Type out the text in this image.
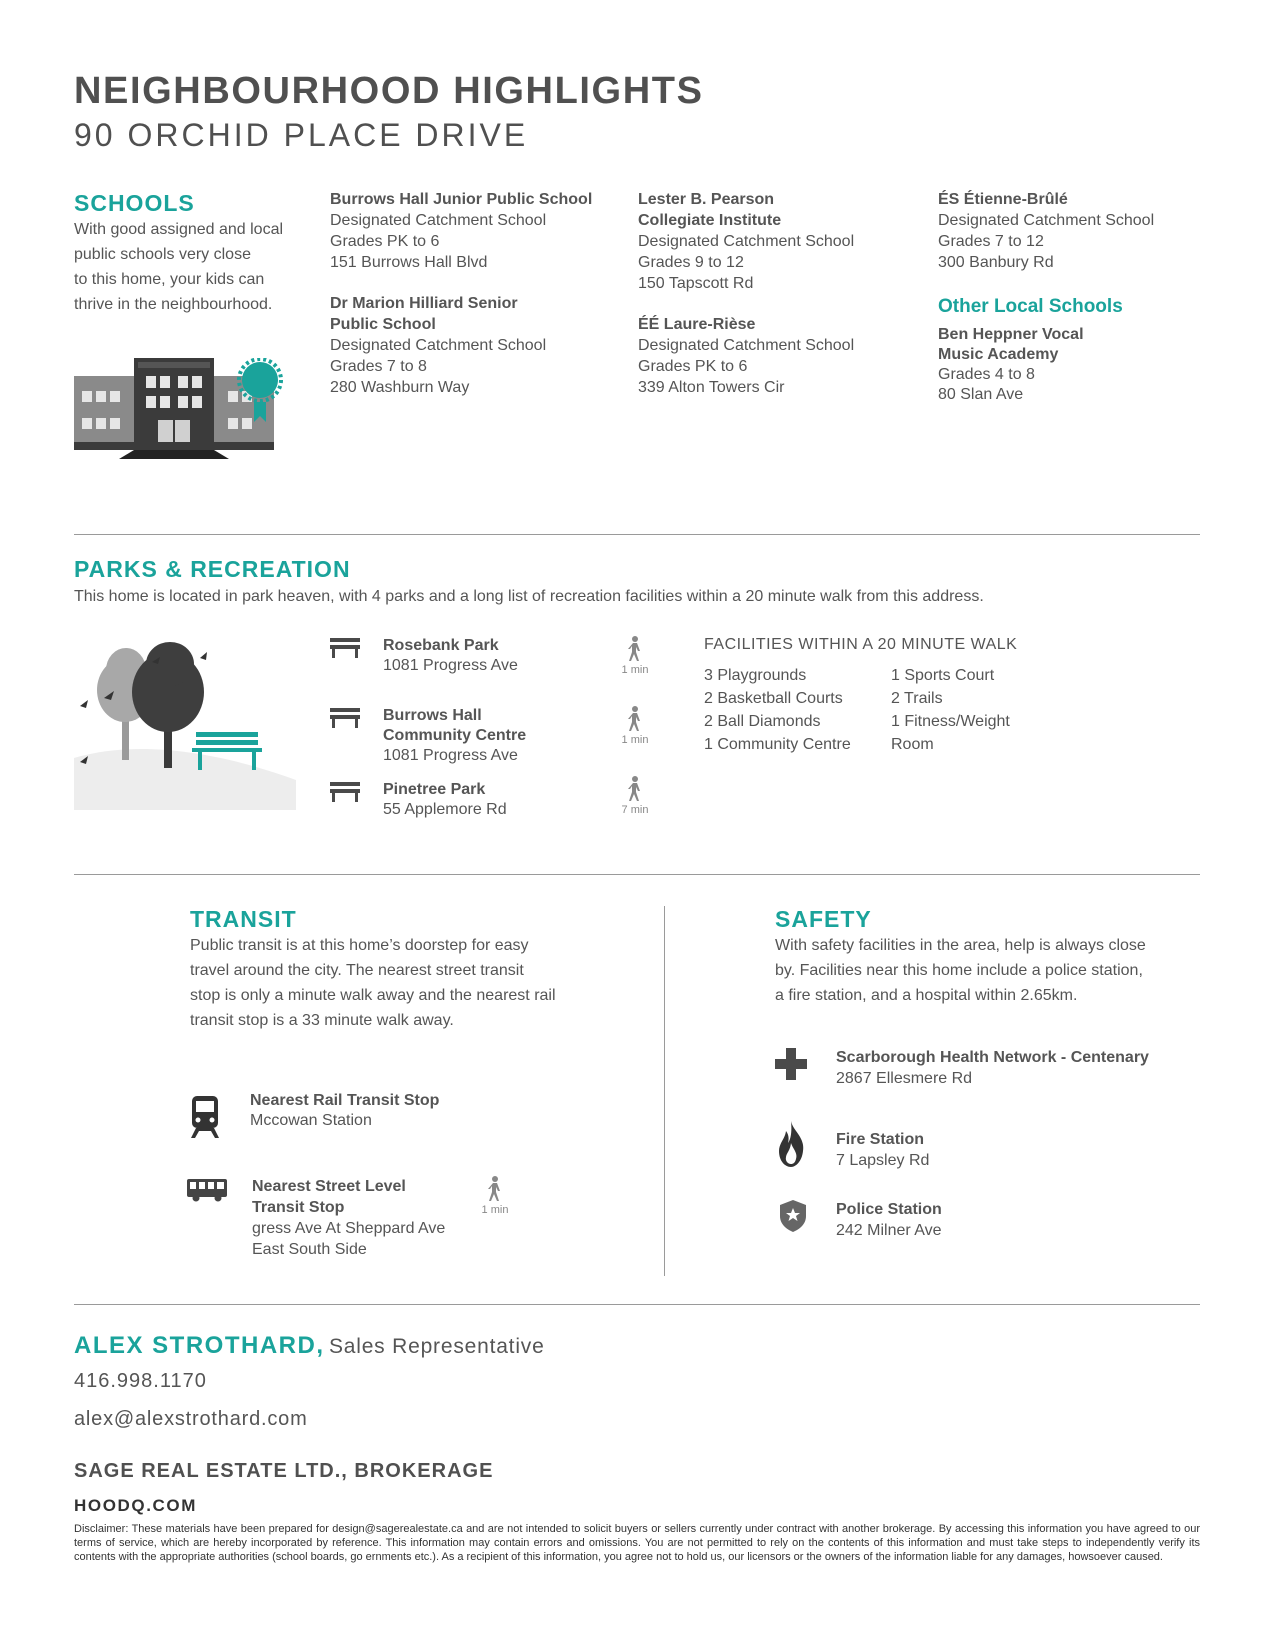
NEIGHBOURHOOD HIGHLIGHTS
90 ORCHID PLACE DRIVE
SCHOOLS
With good assigned and local
public schools very close
to this home, your kids can
thrive in the neighbourhood.
Burrows Hall Junior Public School
Designated Catchment School
Grades PK to 6
151 Burrows Hall Blvd
Dr Marion Hilliard Senior
Public School
Designated Catchment School
Grades 7 to 8
280 Washburn Way
Lester B. Pearson
Collegiate Institute
Designated Catchment School
Grades 9 to 12
150 Tapscott Rd
ÉÉ Laure-Rièse
Designated Catchment School
Grades PK to 6
339 Alton Towers Cir
ÉS Étienne-Brûlé
Designated Catchment School
Grades 7 to 12
300 Banbury Rd
Other Local Schools
Ben Heppner Vocal
Music Academy
Grades 4 to 8
80 Slan Ave
PARKS & RECREATION
This home is located in park heaven, with 4 parks and a long list of recreation facilities within a 20 minute walk from this address.
Rosebank Park
1081 Progress Ave
Burrows Hall
Community Centre
1081 Progress Ave
Pinetree Park
55 Applemore Rd
1 min
1 min
7 min
FACILITIES WITHIN A 20 MINUTE WALK
3 Playgrounds
2 Basketball Courts
2 Ball Diamonds
1 Community Centre
1 Sports Court
2 Trails
1 Fitness/Weight
Room
TRANSIT
Public transit is at this home’s doorstep for easy
travel around the city. The nearest street transit
stop is only a minute walk away and the nearest rail
transit stop is a 33 minute walk away.
Nearest Rail Transit Stop
Mccowan Station
Nearest Street Level
Transit Stop
gress Ave At Sheppard Ave
East South Side
1 min
SAFETY
With safety facilities in the area, help is always close
by. Facilities near this home include a police station,
a fire station, and a hospital within 2.65km.
Scarborough Health Network - Centenary
2867 Ellesmere Rd
Fire Station
7 Lapsley Rd
Police Station
242 Milner Ave
ALEX STROTHARD, Sales Representative
416.998.1170
alex@alexstrothard.com
SAGE REAL ESTATE LTD., BROKERAGE
HOODQ.COM
Disclaimer: These materials have been prepared for design@sagerealestate.ca and are not intended to solicit buyers or sellers currently under contract with another brokerage. By accessing this information you have agreed to our terms of service, which are hereby incorporated by reference. This information may contain errors and omissions. You are not permitted to rely on the contents of this information and must take steps to independently verify its contents with the appropriate authorities (school boards, go ernments etc.). As a recipient of this information, you agree not to hold us, our licensors or the owners of the information liable for any damages, howsoever caused.
